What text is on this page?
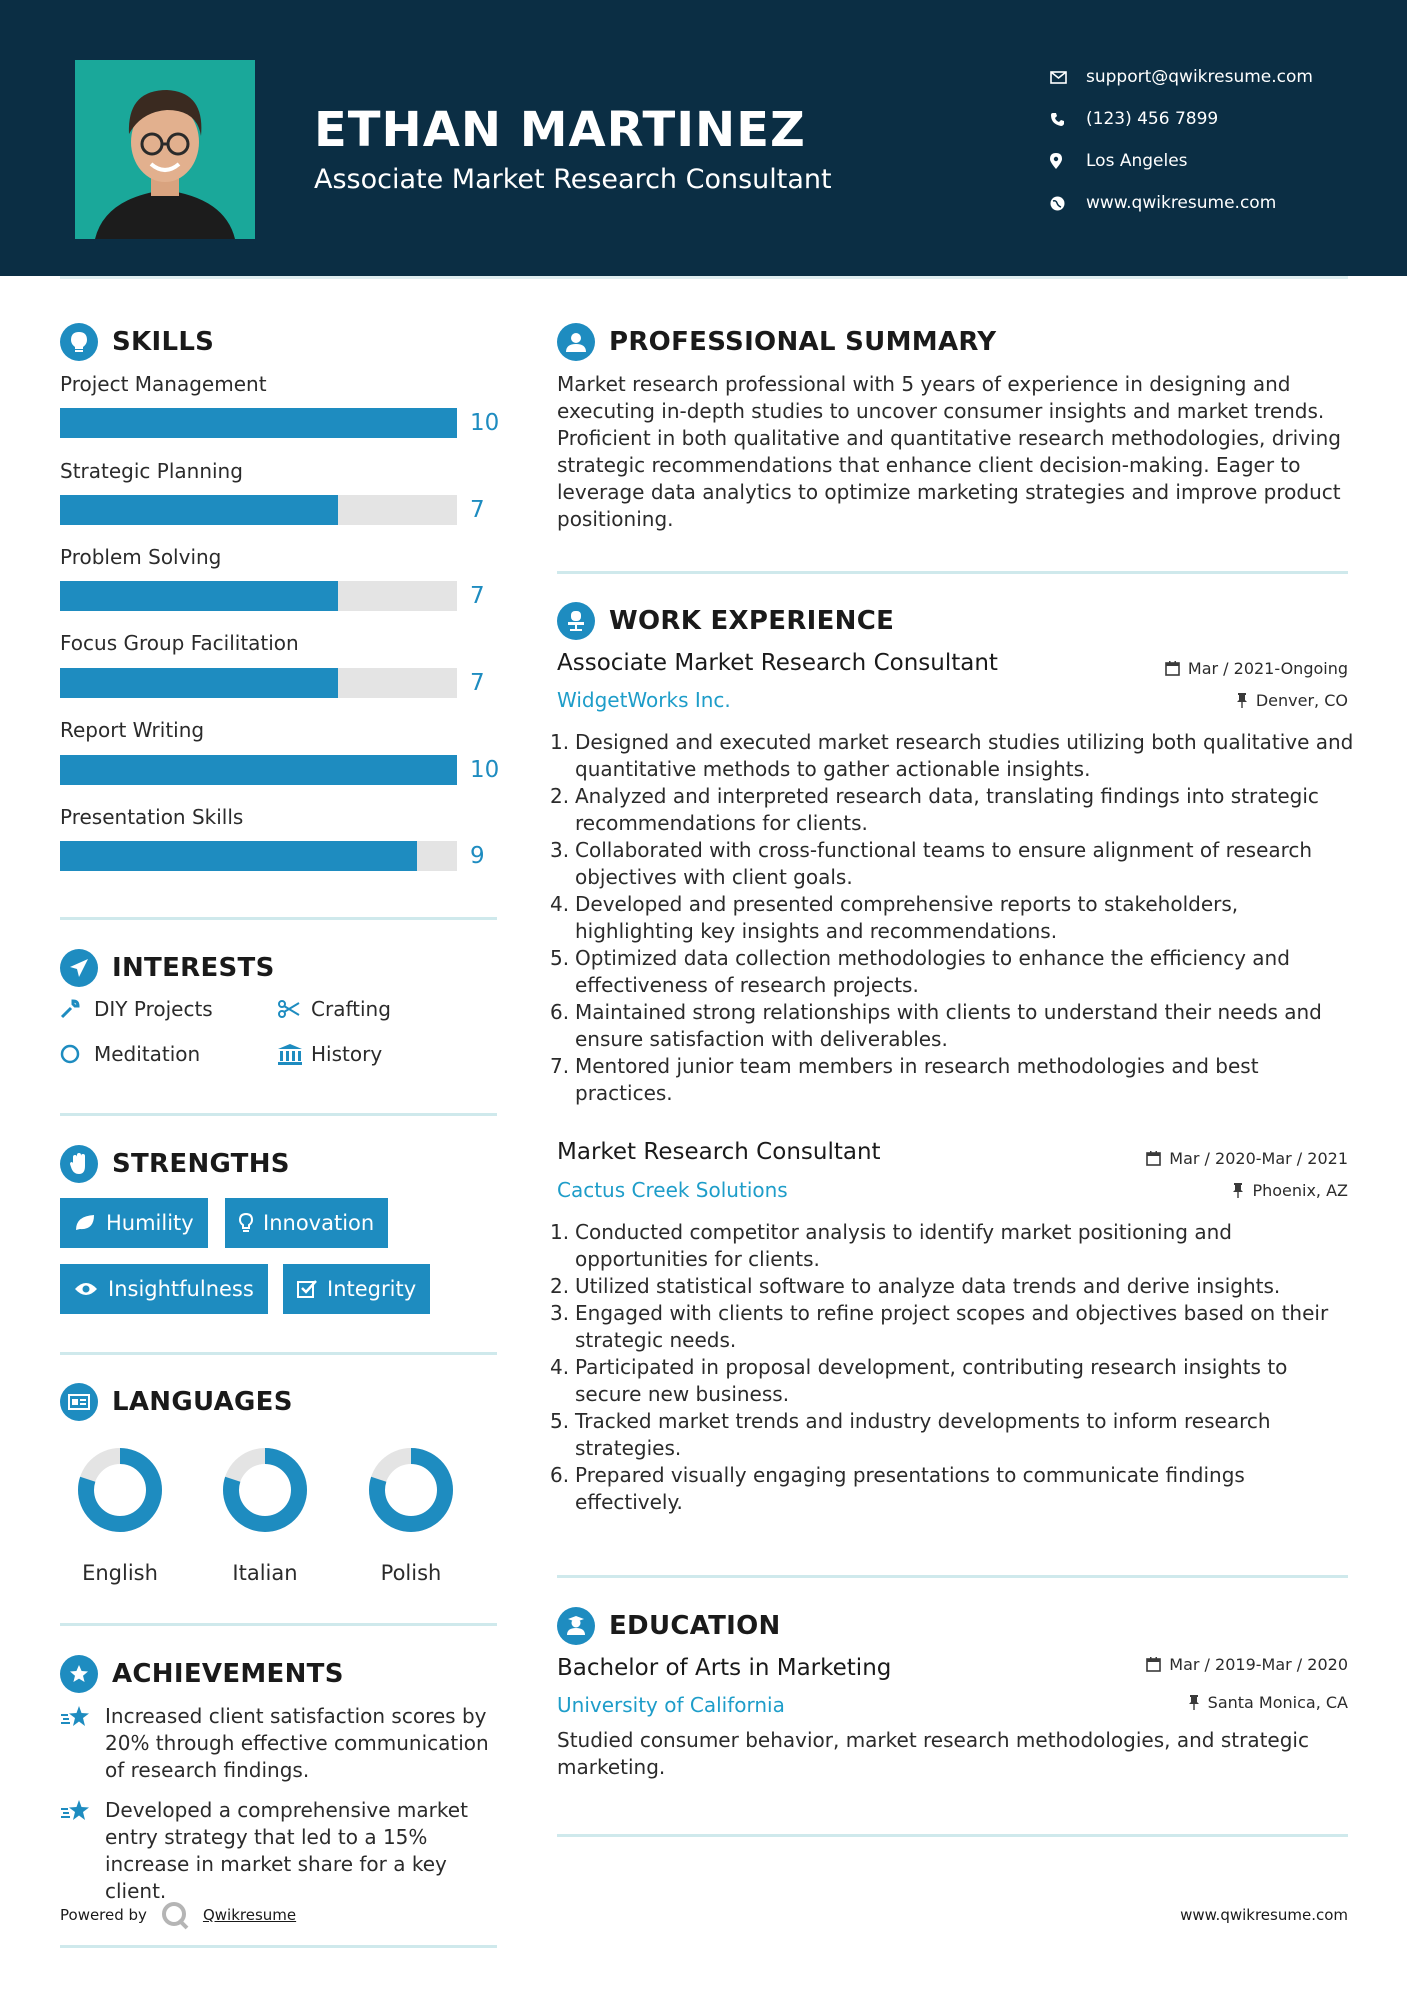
ETHAN MARTINEZ
Associate Market Research Consultant
support@qwikresume.com
(123) 456 7899
Los Angeles
www.qwikresume.com
SKILLS
Project Management
10
Strategic Planning
7
Problem Solving
7
Focus Group Facilitation
7
Report Writing
10
Presentation Skills
9
INTERESTS
DIY Projects	Crafting
Meditation	History
STRENGTHS
Humility	Innovation
Insightfulness	Integrity
LANGUAGES
English	Italian	Polish
ACHIEVEMENTS
Increased client satisfaction scores by 20% through effective communication of research findings.
Developed a comprehensive market entry strategy that led to a 15% increase in market share for a key client.
PROFESSIONAL SUMMARY
Market research professional with 5 years of experience in designing and executing in-depth studies to uncover consumer insights and market trends. Proficient in both qualitative and quantitative research methodologies, driving strategic recommendations that enhance client decision-making. Eager to leverage data analytics to optimize marketing strategies and improve product positioning.
WORK EXPERIENCE
Associate Market Research Consultant	Mar / 2021-Ongoing
WidgetWorks Inc.	Denver, CO
1. Designed and executed market research studies utilizing both qualitative and quantitative methods to gather actionable insights.
2. Analyzed and interpreted research data, translating findings into strategic recommendations for clients.
3. Collaborated with cross-functional teams to ensure alignment of research objectives with client goals.
4. Developed and presented comprehensive reports to stakeholders, highlighting key insights and recommendations.
5. Optimized data collection methodologies to enhance the efficiency and effectiveness of research projects.
6. Maintained strong relationships with clients to understand their needs and ensure satisfaction with deliverables.
7. Mentored junior team members in research methodologies and best practices.
Market Research Consultant	Mar / 2020-Mar / 2021
Cactus Creek Solutions	Phoenix, AZ
1. Conducted competitor analysis to identify market positioning and opportunities for clients.
2. Utilized statistical software to analyze data trends and derive insights.
3. Engaged with clients to refine project scopes and objectives based on their strategic needs.
4. Participated in proposal development, contributing research insights to secure new business.
5. Tracked market trends and industry developments to inform research strategies.
6. Prepared visually engaging presentations to communicate findings effectively.
EDUCATION
Bachelor of Arts in Marketing	Mar / 2019-Mar / 2020
University of California	Santa Monica, CA
Studied consumer behavior, market research methodologies, and strategic marketing.
Powered by	Qwikresume	www.qwikresume.com
